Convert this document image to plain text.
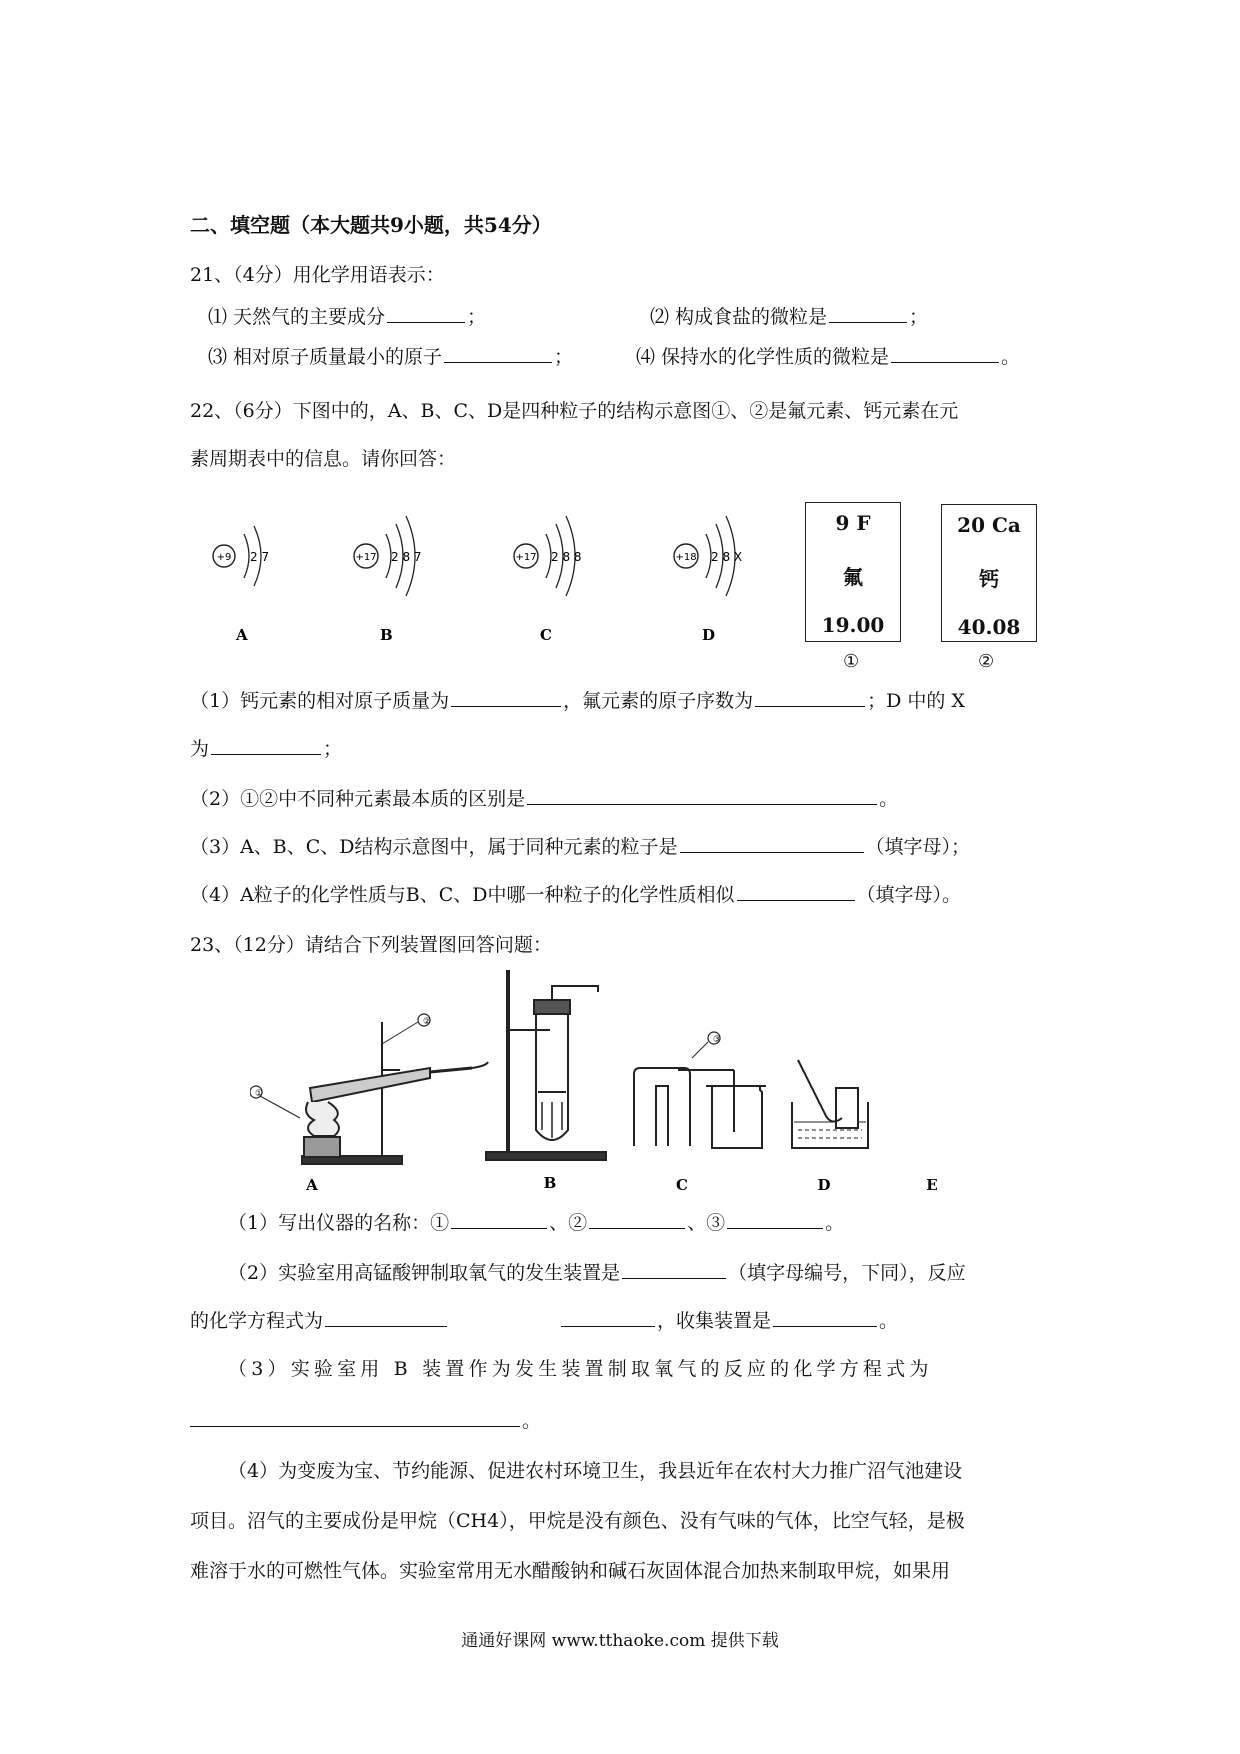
二、填空题（本大题共9小题，共54分）
21、（4分）用化学用语表示：
⑴ 天然气的主要成分	；	⑵ 构成食盐的微粒是	；
⑶ 相对原子质量最小的原子	；	⑷ 保持水的化学性质的微粒是	。
22、（6分）下图中的，A、B、C、D是四种粒子的结构示意图①、②是氟元素、钙元素在元
素周期表中的信息。请你回答：
+9 2 7
A
+17 2 8 7
B
+17 2 8 8
C
+18 2 8 X
D
9 F
氟
19.00
①
20 Ca
钙
40.08
②
（1）钙元素的相对原子质量为	，氟元素的原子序数为	；D 中的 X
为	；
（2）①②中不同种元素最本质的区别是	。
（3）A、B、C、D结构示意图中，属于同种元素的粒子是	（填字母）；
（4）A粒子的化学性质与B、C、D中哪一种粒子的化学性质相似	（填字母）。
23、（12分）请结合下列装置图回答问题：
①
②
③
A	B	C	D	E
（1）写出仪器的名称：①	、②	、③	。
（2）实验室用高锰酸钾制取氧气的发生装置是	（填字母编号，下同），反应
的化学方程式为	，收集装置是	。
（3）实验室用 B 装置作为发生装置制取氧气的反应的化学方程式为
。
（4）为变废为宝、节约能源、促进农村环境卫生，我县近年在农村大力推广沼气池建设
项目。沼气的主要成份是甲烷（CH4），甲烷是没有颜色、没有气味的气体，比空气轻，是极
难溶于水的可燃性气体。实验室常用无水醋酸钠和碱石灰固体混合加热来制取甲烷，如果用
通通好课网 www.tthaoke.com 提供下载
